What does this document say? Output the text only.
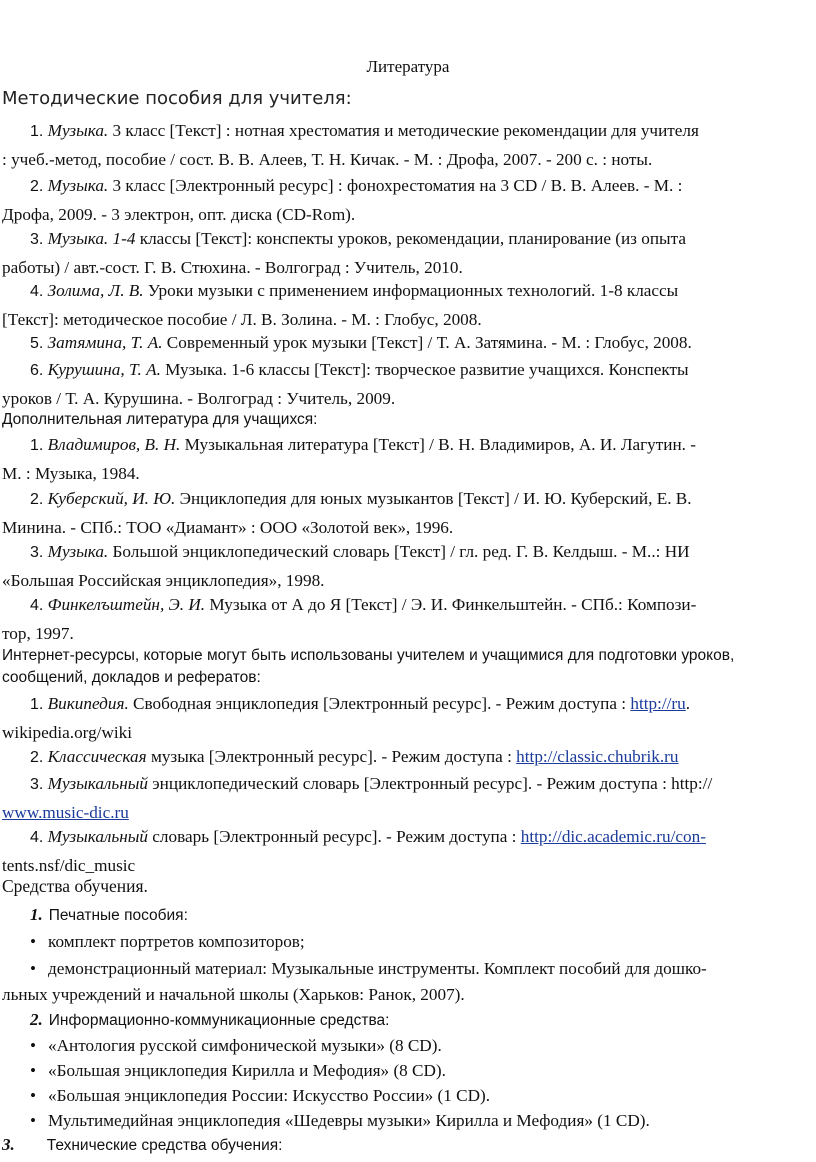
Литература
Методические пособия для учителя:
1. Музыка. 3 класс [Текст] : нотная хрестоматия и методические рекомендации для учителя
: учеб.-метод, пособие / сост. В. В. Алеев, Т. Н. Кичак. - М. : Дрофа, 2007. - 200 с. : ноты.
2. Музыка. 3 класс [Электронный ресурс] : фонохрестоматия на 3 CD / В. В. Алеев. - М. :
Дрофа, 2009. - 3 электрон, опт. диска (CD-Rom).
3. Музыка. 1-4 классы [Текст]: конспекты уроков, рекомендации, планирование (из опыта
работы) / авт.-сост. Г. В. Стюхина. - Волгоград : Учитель, 2010.
4. Золима, Л. В. Уроки музыки с применением информационных технологий. 1-8 классы
[Текст]: методическое пособие / Л. В. Золина. - М. : Глобус, 2008.
5. Затямина, Т. А. Современный урок музыки [Текст] / Т. А. Затямина. - М. : Глобус, 2008.
6. Курушина, Т. А. Музыка. 1-6 классы [Текст]: творческое развитие учащихся. Конспекты
уроков / Т. А. Курушина. - Волгоград : Учитель, 2009.
Дополнительная литература для учащихся:
1. Владимиров, В. Н. Музыкальная литература [Текст] / В. Н. Владимиров, А. И. Лагутин. -
М. : Музыка, 1984.
2. Куберский, И. Ю. Энциклопедия для юных музыкантов [Текст] / И. Ю. Куберский, Е. В.
Минина. - СПб.: ТОО «Диамант» : ООО «Золотой век», 1996.
3. Музыка. Большой энциклопедический словарь [Текст] / гл. ред. Г. В. Келдыш. - М..: НИ
«Большая Российская энциклопедия», 1998.
4. Финкелъштейн, Э. И. Музыка от А до Я [Текст] / Э. И. Финкельштейн. - СПб.: Компози-
тор, 1997.
Интернет-ресурсы, которые могут быть использованы учителем и учащимися для подготовки уроков, сообщений, докладов и рефератов:
1. Википедия. Свободная энциклопедия [Электронный ресурс]. - Режим доступа : http://ru.
wikipedia.org/wiki
2. Классическая музыка [Электронный ресурс]. - Режим доступа : http://classic.chubrik.ru
3. Музыкальный энциклопедический словарь [Электронный ресурс]. - Режим доступа : http://
www.music-dic.ru
4. Музыкальный словарь [Электронный ресурс]. - Режим доступа : http://dic.academic.ru/con-
tents.nsf/dic_music
Средства обучения.
1. Печатные пособия:
• комплект портретов композиторов;
• демонстрационный материал: Музыкальные инструменты. Комплект пособий для дошко-
льных учреждений и начальной школы (Харьков: Ранок, 2007).
2. Информационно-коммуникационные средства:
• «Антология русской симфонической музыки» (8 CD).
• «Большая энциклопедия Кирилла и Мефодия» (8 CD).
• «Большая энциклопедия России: Искусство России» (1 CD).
• Мультимедийная энциклопедия «Шедевры музыки» Кирилла и Мефодия» (1 CD).
3. Технические средства обучения:
